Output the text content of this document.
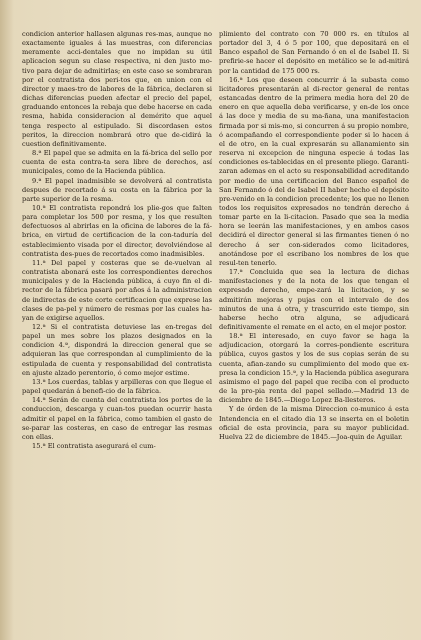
condicion anterior hallasen algunas res-mas, aunque no exactamente iguales á las muestras, con diferencias meramente acci-dentales que no impidan su útil aplicacion segun su clase respectiva, ni den justo mo-tivo para dejar de admitirlas; en este caso se sombraran por el contratista dos peri-tos que, en union con el director y maes-tro de labores de la fábrica, declaren si dichas diferencias pueden afectar el precio del papel, graduando entonces la rebaja que debe hacerse en cada resma, habida consideracion al demérito que aquel tenga respecto al estipulado. Si discordasen estos peritos, la direccion nombrará otro que de-cidirá la cuestion definitivamente.

8.ª El papel que se admita en la fá-brica del sello por cuenta de esta contra-ta sera libre de derechos, así municipales, como de la Hacienda pública.

9.ª El papel inadmisible se devolverá al contratista despues de recortado á su costa en la fábrica por la parte superior de la resma.

10.ª El contratista repondrá los plie-gos que falten para completar los 500 por resma, y los que resulten defectuosos al abrirlas en la oficina de labores de la fá-brica, en virtud de certificacion de la con-taduría del establecimiento visada por el director, devolviéndose al contratista des-pues de recortados como inadmisibles.

11.ª Del papel y costeras que se de-vuelvan al contratista abonará este los correspondientes derechos municipales y de la Hacienda pública, á cuyo fin el di-rector de la fábrica pasará por años á la administracion de indirectas de este corte certificacion que exprese las clases de pa-pel y número de resmas por las cuales ha-yan de exigirse aquellos.

12.ª Si el contratista detuviese las en-tregas del papel un mes sobre los plazos designados en la condicion 4.ª, dispondrá la direccion general que se adquieran las que correspondan al cumplimiento de la estipulada de cuenta y responsabilidad del contratista en ajuste alzado perentorio, ó como mejor estime.

13.ª Los cuerdas, tablas y arpilleras con que llegue el papel quedarán á benefi-cio de la fábrica.

14.ª Serán de cuenta del contratista los portes de la conduccion, descarga y cuan-tos puedan ocurrir hasta admitir el papel en la fábrica, como tambien el gasto de se-parar las costeras, en caso de entregar las resmas con ellas.

15.ª El contratista asegurará el cum-

plimiento del contrato con 70 000 rs. en títulos al portador del 3, 4 ó 5 por 100, que depositará en el Banco español de San Fernando ó en el de Isabel II. Si prefirie-se hacer el depósito en metálico se le ad-mitirá por la cantidad de 175 000 rs.

16.ª Los que deseen concurrir á la subasta como licitadores presentarán al di-rector general de rentas estancadas dentro de la primera media hora del 20 de enero en que aquella deba verificarse, y en-de los once á las doce y media de su ma-ñana, una manifestacion firmada por si mis-mo, si concurren á su propio nombre, ó acompañando el correspondiente poder si lo hacen á el de otro, en la cual expresarán su allanamiento sin reserva ni excepcion de ninguna especie á todas las condiciones es-tablecidas en el presente pliego. Garanti-zaran ademas en el acto su responsabilidad acreditando por medio de una certificacion del Banco español de San Fernando ó del de Isabel II haber hecho el depósito pre-venido en la condicion precedente; los que no llenen todos los requisitos expresados no tendrán derecho á tomar parte en la li-citacion. Pasado que sea la media hora se leerán las manifestaciones, y en ambos casos decidirá el director general si las firmantes tienen ó no derecho á ser con-siderados como licitadores, anotándose por el escribano los nombres de los que resul-ten tenerlo.

17.ª Concluida que sea la lectura de dichas manifestaciones y de la nota de los que tengan el expresado derecho, empe-zará la licitacion, y se admitirán mejoras y pujas con el intervalo de dos minutos de una á otra, y trascurrido este tiempo, sin haberse hecho otra alguna, se adjudicará definitivamente el remate en el acto, en el mejor postor.

18.ª El interesado, en cuyo favor se haga la adjudicacion, otorgará la corres-pondiente escritura pública, cuyos gastos y los de sus copias serán de su cuenta, afian-zando su cumplimiento del modo que ex-presa la condicion 15.ª, y la Hacienda pública asegurara asimismo el pago del papel que reciba con el producto de la pro-pia renta del papel sellado.—Madrid 13 de diciembre de 1845.—Diego Lopez Ba-llesteros.

Y de órden de la misma Direccion co-munico á esta Intendencia en el citado dia 13 se inserta en el boletin oficial de esta provincia, para su mayor publicidad. Huelva 22 de diciembre de 1845.—Joa-quin de Aguilar.
